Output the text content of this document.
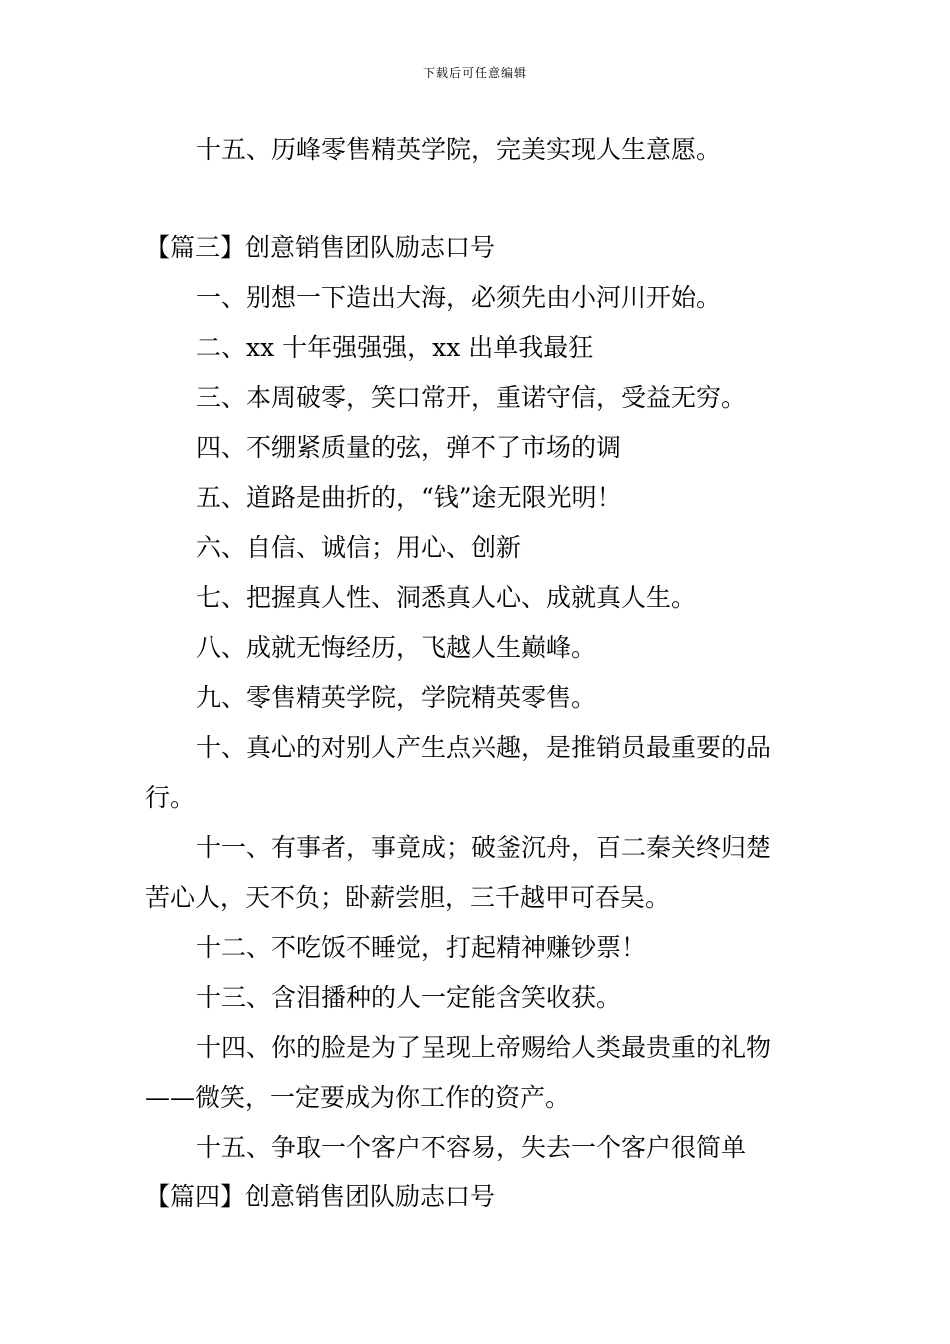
下载后可任意编辑
十五、历峰零售精英学院，完美实现人生意愿。
【篇三】创意销售团队励志口号
一、别想一下造出大海，必须先由小河川开始。
二、xx 十年强强强，xx 出单我最狂
三、本周破零，笑口常开，重诺守信，受益无穷。
四、不绷紧质量的弦，弹不了市场的调
五、道路是曲折的，“钱”途无限光明！
六、自信、诚信；用心、创新
七、把握真人性、洞悉真人心、成就真人生。
八、成就无悔经历，飞越人生巅峰。
九、零售精英学院，学院精英零售。
十、真心的对别人产生点兴趣，是推销员最重要的品
行。
十一、有事者，事竟成；破釜沉舟，百二秦关终归楚
苦心人，天不负；卧薪尝胆，三千越甲可吞吴。
十二、不吃饭不睡觉，打起精神赚钞票！
十三、含泪播种的人一定能含笑收获。
十四、你的脸是为了呈现上帝赐给人类最贵重的礼物
——微笑，一定要成为你工作的资产。
十五、争取一个客户不容易，失去一个客户很简单
【篇四】创意销售团队励志口号
